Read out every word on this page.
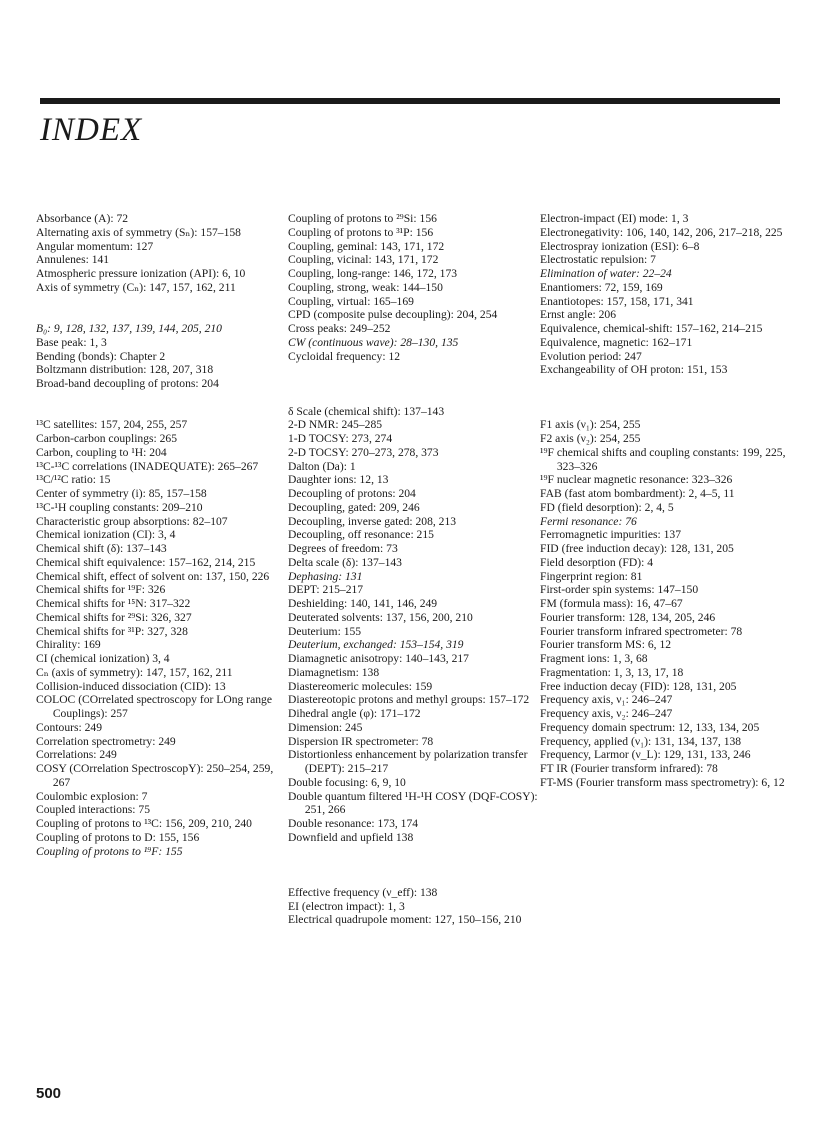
INDEX
Absorbance (A): 72
Alternating axis of symmetry (Sₙ): 157–158
Angular momentum: 127
Annulenes: 141
Atmospheric pressure ionization (API): 6, 10
Axis of symmetry (Cₙ): 147, 157, 162, 211
B₀: 9, 128, 132, 137, 139, 144, 205, 210
Base peak: 1, 3
Bending (bonds): Chapter 2
Boltzmann distribution: 128, 207, 318
Broad-band decoupling of protons: 204
¹³C satellites: 157, 204, 255, 257
Carbon-carbon couplings: 265
Carbon, coupling to ¹H: 204
¹³C-¹³C correlations (INADEQUATE): 265–267
¹³C/¹²C ratio: 15
Center of symmetry (i): 85, 157–158
¹³C-¹H coupling constants: 209–210
Characteristic group absorptions: 82–107
Chemical ionization (CI): 3, 4
Chemical shift (δ): 137–143
Chemical shift equivalence: 157–162, 214, 215
Chemical shift, effect of solvent on: 137, 150, 226
Chemical shifts for ¹⁹F: 326
Chemical shifts for ¹⁵N: 317–322
Chemical shifts for ²⁹Si: 326, 327
Chemical shifts for ³¹P: 327, 328
Chirality: 169
CI (chemical ionization) 3, 4
Cₙ (axis of symmetry): 147, 157, 162, 211
Collision-induced dissociation (CID): 13
COLOC (COrrelated spectroscopy for LOng range Couplings): 257
Contours: 249
Correlation spectrometry: 249
Correlations: 249
COSY (COrrelation SpectroscopY): 250–254, 259, 267
Coulombic explosion: 7
Coupled interactions: 75
Coupling of protons to ¹³C: 156, 209, 210, 240
Coupling of protons to D: 155, 156
Coupling of protons to ¹⁹F: 155
Coupling of protons to ²⁹Si: 156
Coupling of protons to ³¹P: 156
Coupling, geminal: 143, 171, 172
Coupling, vicinal: 143, 171, 172
Coupling, long-range: 146, 172, 173
Coupling, strong, weak: 144–150
Coupling, virtual: 165–169
CPD (composite pulse decoupling): 204, 254
Cross peaks: 249–252
CW (continuous wave): 28–130, 135
Cycloidal frequency: 12
δ Scale (chemical shift): 137–143
2-D NMR: 245–285
1-D TOCSY: 273, 274
2-D TOCSY: 270–273, 278, 373
Dalton (Da): 1
Daughter ions: 12, 13
Decoupling of protons: 204
Decoupling, gated: 209, 246
Decoupling, inverse gated: 208, 213
Decoupling, off resonance: 215
Degrees of freedom: 73
Delta scale (δ): 137–143
Dephasing: 131
DEPT: 215–217
Deshielding: 140, 141, 146, 249
Deuterated solvents: 137, 156, 200, 210
Deuterium: 155
Deuterium, exchanged: 153–154, 319
Diamagnetic anisotropy: 140–143, 217
Diamagnetism: 138
Diastereomeric molecules: 159
Diastereotopic protons and methyl groups: 157–172
Dihedral angle (φ): 171–172
Dimension: 245
Dispersion IR spectrometer: 78
Distortionless enhancement by polarization transfer (DEPT): 215–217
Double focusing: 6, 9, 10
Double quantum filtered ¹H-¹H COSY (DQF-COSY): 251, 266
Double resonance: 173, 174
Downfield and upfield 138
Effective frequency (ν_eff): 138
EI (electron impact): 1, 3
Electrical quadrupole moment: 127, 150–156, 210
Electron-impact (EI) mode: 1, 3
Electronegativity: 106, 140, 142, 206, 217–218, 225
Electrospray ionization (ESI): 6–8
Electrostatic repulsion: 7
Elimination of water: 22–24
Enantiomers: 72, 159, 169
Enantiotopes: 157, 158, 171, 341
Ernst angle: 206
Equivalence, chemical-shift: 157–162, 214–215
Equivalence, magnetic: 162–171
Evolution period: 247
Exchangeability of OH proton: 151, 153
F1 axis (ν₁): 254, 255
F2 axis (ν₂): 254, 255
¹⁹F chemical shifts and coupling constants: 199, 225, 323–326
¹⁹F nuclear magnetic resonance: 323–326
FAB (fast atom bombardment): 2, 4–5, 11
FD (field desorption): 2, 4, 5
Fermi resonance: 76
Ferromagnetic impurities: 137
FID (free induction decay): 128, 131, 205
Field desorption (FD): 4
Fingerprint region: 81
First-order spin systems: 147–150
FM (formula mass): 16, 47–67
Fourier transform: 128, 134, 205, 246
Fourier transform infrared spectrometer: 78
Fourier transform MS: 6, 12
Fragment ions: 1, 3, 68
Fragmentation: 1, 3, 13, 17, 18
Free induction decay (FID): 128, 131, 205
Frequency axis, ν₁: 246–247
Frequency axis, ν₂: 246–247
Frequency domain spectrum: 12, 133, 134, 205
Frequency, applied (ν₁): 131, 134, 137, 138
Frequency, Larmor (ν_L): 129, 131, 133, 246
FT IR (Fourier transform infrared): 78
FT-MS (Fourier transform mass spectrometry): 6, 12
500
